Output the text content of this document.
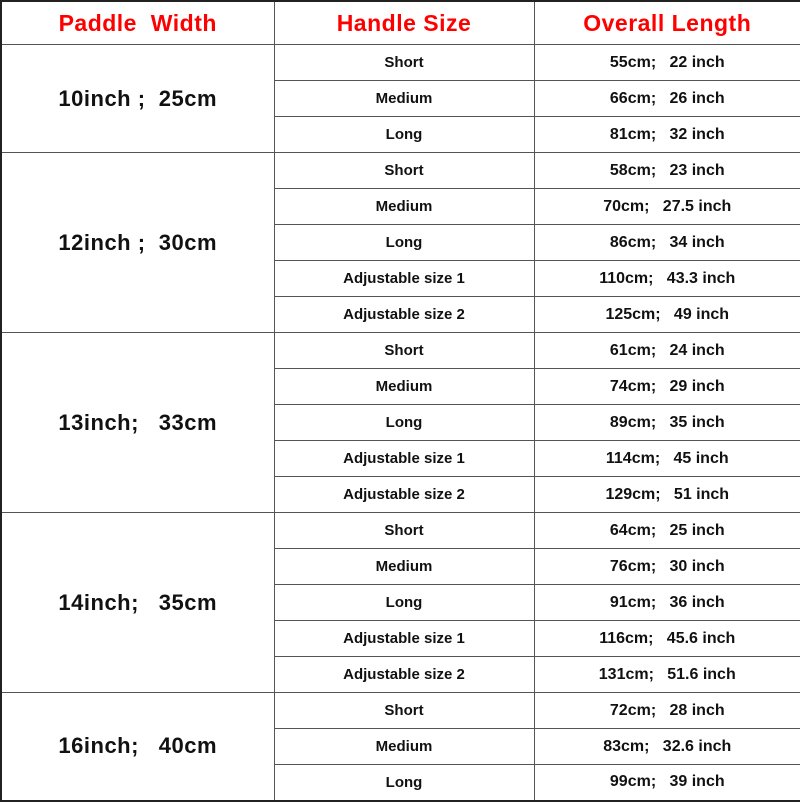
Paddle  Width	Handle Size	Overall Length
10inch ;  25cm	Short	55cm;   22 inch
	Medium	66cm;   26 inch
	Long	81cm;   32 inch
12inch ;  30cm	Short	58cm;   23 inch
	Medium	70cm;   27.5 inch
	Long	86cm;   34 inch
	Adjustable size 1	110cm;   43.3 inch
	Adjustable size 2	125cm;   49 inch
13inch;   33cm	Short	61cm;   24 inch
	Medium	74cm;   29 inch
	Long	89cm;   35 inch
	Adjustable size 1	114cm;   45 inch
	Adjustable size 2	129cm;   51 inch
14inch;   35cm	Short	64cm;   25 inch
	Medium	76cm;   30 inch
	Long	91cm;   36 inch
	Adjustable size 1	116cm;   45.6 inch
	Adjustable size 2	131cm;   51.6 inch
16inch;   40cm	Short	72cm;   28 inch
	Medium	83cm;   32.6 inch
	Long	99cm;   39 inch
